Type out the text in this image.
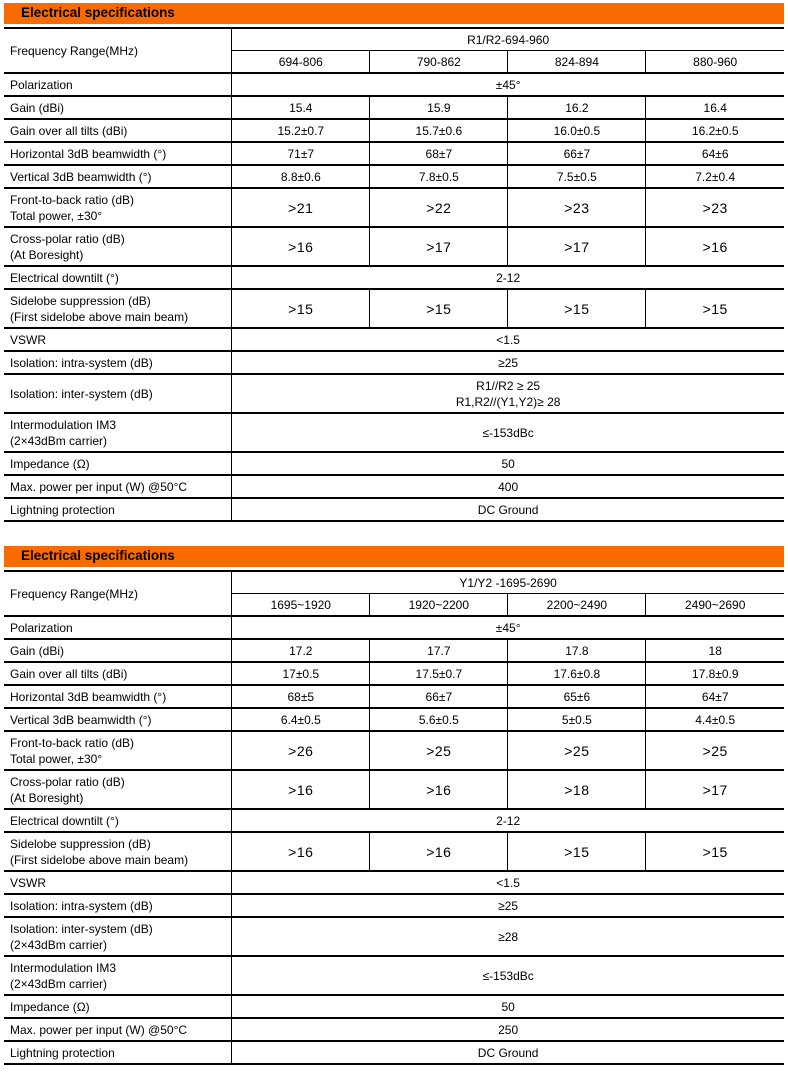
Electrical specifications
Frequency Range(MHz)	R1/R2-694-960			
	694-806	790-862	824-894	880-960
Polarization	±45°			
Gain (dBi)	15.4	15.9	16.2	16.4
Gain over all tilts (dBi)	15.2±0.7	15.7±0.6	16.0±0.5	16.2±0.5
Horizontal 3dB beamwidth (°)	71±7	68±7	66±7	64±6
Vertical 3dB beamwidth (°)	8.8±0.6	7.8±0.5	7.5±0.5	7.2±0.4

Front-to-back ratio (dB)
Total power, ±30°	>21	>22	>23	>23

Cross-polar ratio (dB)
(At Boresight)	>16	>17	>17	>16
Electrical downtilt (°)	2-12			

Sidelobe suppression (dB)
(First sidelobe above main beam)	>15	>15	>15	>15
VSWR	<1.5			
Isolation: intra-system (dB)	≥25			
Isolation: inter-system (dB)	R1//R2 ≥ 25
R1,R2//(Y1,Y2)≥ 28			

Intermodulation IM3
(2×43dBm carrier)	≤-153dBc			
Impedance (Ω)	50			
Max. power per input (W) @50°C	400			
Lightning protection	DC Ground			
Electrical specifications
Frequency Range(MHz)	Y1/Y2 -1695-2690			
	1695~1920	1920~2200	2200~2490	2490~2690
Polarization	±45°			
Gain (dBi)	17.2	17.7	17.8	18
Gain over all tilts (dBi)	17±0.5	17.5±0.7	17.6±0.8	17.8±0.9
Horizontal 3dB beamwidth (°)	68±5	66±7	65±6	64±7
Vertical 3dB beamwidth (°)	6.4±0.5	5.6±0.5	5±0.5	4.4±0.5

Front-to-back ratio (dB)
Total power, ±30°	>26	>25	>25	>25

Cross-polar ratio (dB)
(At Boresight)	>16	>16	>18	>17
Electrical downtilt (°)	2-12			

Sidelobe suppression (dB)
(First sidelobe above main beam)	>16	>16	>15	>15
VSWR	<1.5			
Isolation: intra-system (dB)	≥25			

Isolation: inter-system (dB)
(2×43dBm carrier)	≥28			

Intermodulation IM3
(2×43dBm carrier)	≤-153dBc			
Impedance (Ω)	50			
Max. power per input (W) @50°C	250			
Lightning protection	DC Ground			
